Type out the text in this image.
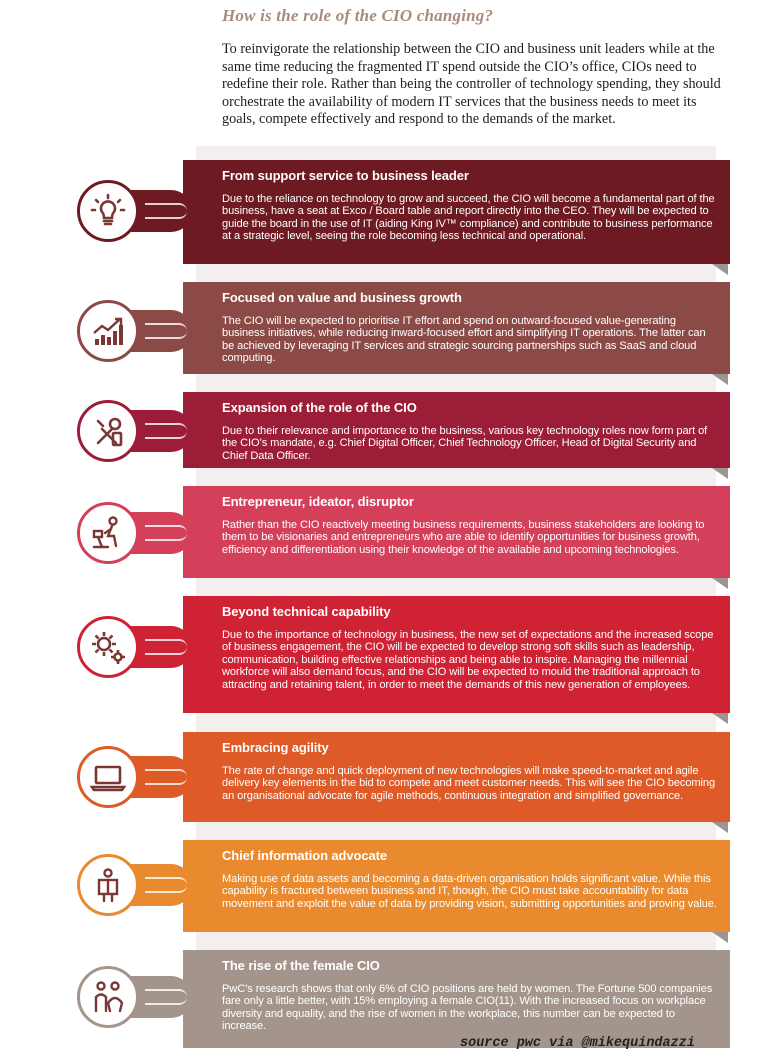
How is the role of the CIO changing?
To reinvigorate the relationship between the CIO and business unit leaders while at the same time reducing the fragmented IT spend outside the CIO’s office, CIOs need to redefine their role. Rather than being the controller of technology spending, they should orchestrate the availability of modern IT services that the business needs to meet its goals, compete effectively and respond to the demands of the market.
From support service to business leader
Due to the reliance on technology to grow and succeed, the CIO will become a fundamental part of the business, have a seat at Exco / Board table and report directly into the CEO. They will be expected to guide the board in the use of IT (aiding King IV™ compliance) and contribute to business performance at a strategic level, seeing the role becoming less technical and operational.
Focused on value and business growth
The CIO will be expected to prioritise IT effort and spend on outward-focused value-generating business initiatives, while reducing inward-focused effort and simplifying IT operations. The latter can be achieved by leveraging IT services and strategic sourcing partnerships such as SaaS and cloud computing.
Expansion of the role of the CIO
Due to their relevance and importance to the business, various key technology roles now form part of the CIO’s mandate, e.g. Chief Digital Officer, Chief Technology Officer, Head of Digital Security and Chief Data Officer.
Entrepreneur, ideator, disruptor
Rather than the CIO reactively meeting business requirements, business stakeholders are looking to them to be visionaries and entrepreneurs who are able to identify opportunities for business growth, efficiency and differentiation using their knowledge of the available and upcoming technologies.
Beyond technical capability
Due to the importance of technology in business, the new set of expectations and the increased scope of business engagement, the CIO will be expected to develop strong soft skills such as leadership, communication, building effective relationships and being able to inspire. Managing the millennial workforce will also demand focus, and the CIO will be expected to mould the traditional approach to attracting and retaining talent, in order to meet the demands of this new generation of employees.
Embracing agility
The rate of change and quick deployment of new technologies will make speed-to-market and agile delivery key elements in the bid to compete and meet customer needs. This will see the CIO becoming an organisational advocate for agile methods, continuous integration and simplified governance.
Chief information advocate
Making use of data assets and becoming a data-driven organisation holds significant value. While this capability is fractured between business and IT, though, the CIO must take accountability for data movement and exploit the value of data by providing vision, submitting opportunities and proving value.
The rise of the female CIO
PwC’s research shows that only 6% of CIO positions are held by women. The Fortune 500 companies fare only a little better, with 15% employing a female CIO(11). With the increased focus on workplace diversity and equality, and the rise of women in the workplace, this number can be expected to increase.
source pwc via @mikequindazzi
